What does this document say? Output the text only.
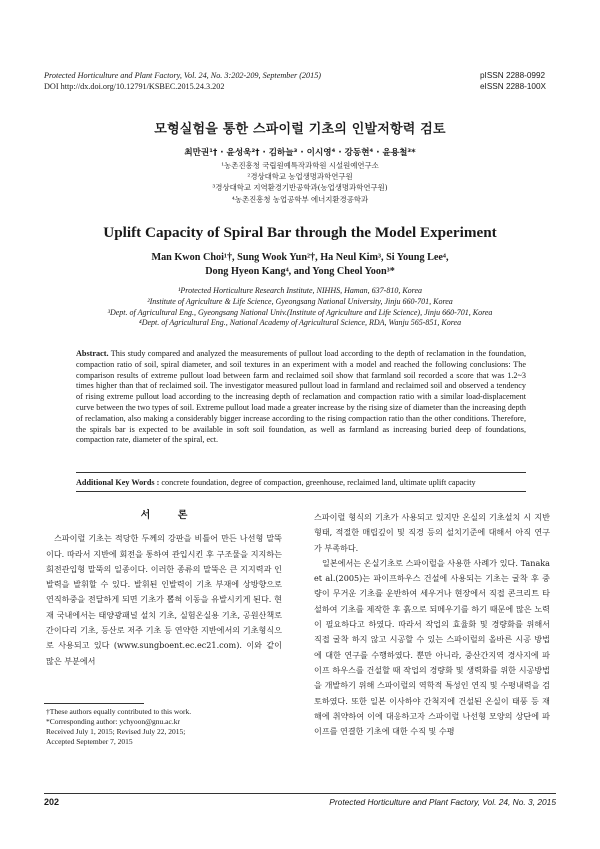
Protected Horticulture and Plant Factory, Vol. 24, No. 3:202-209, September (2015)
DOI http://dx.doi.org/10.12791/KSBEC.2015.24.3.202
pISSN 2288-0992
eISSN 2288-100X
모형실험을 통한 스파이럴 기초의 인발저항력 검토
최만권¹† · 윤성욱²† · 김하늘³ · 이시영⁴ · 강동현⁴ · 윤용철³*
¹농촌진흥청 국립원예특작과학원 시설원예연구소
²경상대학교 농업생명과학연구원
³경상대학교 지역환경기반공학과(농업생명과학연구원)
⁴농촌진흥청 농업공학부 에너지환경공학과
Uplift Capacity of Spiral Bar through the Model Experiment
Man Kwon Choi¹†, Sung Wook Yun²†, Ha Neul Kim³, Si Young Lee⁴,
Dong Hyeon Kang⁴, and Yong Cheol Yoon³*
¹Protected Horticulture Research Institute, NIHHS, Haman, 637-810, Korea
²Institute of Agriculture & Life Science, Gyeongsang National University, Jinju 660-701, Korea
³Dept. of Agricultural Eng., Gyeongsang National Univ.(Institute of Agriculture and Life Science), Jinju 660-701, Korea
⁴Dept. of Agricultural Eng., National Academy of Agricultural Science, RDA, Wanju 565-851, Korea

Abstract. This study compared and analyzed the measurements of pullout load according to the depth of reclamation in the foundation, compaction ratio of soil, spiral diameter, and soil textures in an experiment with a model and reached the following conclusions: The comparison results of extreme pullout load between farm and reclaimed soil show that farmland soil recorded a score that was 1.2~3 times higher than that of reclaimed soil. The investigator measured pullout load in farmland and reclaimed soil and observed a tendency of rising extreme pullout load according to the increasing depth of reclamation and compaction ratio with a similar load-displacement curve between the two types of soil. Extreme pullout load made a greater increase by the rising size of diameter than the increasing depth of reclamation, also making a considerably bigger increase according to the rising compaction ratio than the other conditions. Therefore, the spirals bar is expected to be available in soft soil foundation, as well as farmland as increasing buried deep of foundations, compaction rate, diameter of the spiral, ect.

Additional Key Words : concrete foundation, degree of compaction, greenhouse, reclaimed land, ultimate uplift capacity

서 론

스파이럴 기초는 적당한 두께의 강판을 비틀어 만든 나선형 말뚝이다. 따라서 지반에 회전을 통하여 관입시킨 후 구조물을 지지하는 회전관입형 말뚝의 일종이다. 이러한 종류의 말뚝은 큰 지지력과 인발력을 발휘할 수 있다. 발휘된 인발력이 기초 부재에 상방향으로 연직하중을 전달하게 되면 기초가 뽑혀 이동을 유발시키게 된다. 현재 국내에서는 태양광패널 설치 기초, 실험온실용 기초, 공원산책로 간이다리 기초, 등산로 저주 기초 등 연약한 지반에서의 기초형식으로 사용되고 있다 (www.sungboent.ec.ec21.com). 이와 같이 많은 부분에서

스파이럴 형식의 기초가 사용되고 있지만 온실의 기초설치 시 지반형태, 적절한 매립깊이 및 직경 등의 설치기준에 대해서 아직 연구가 부족하다.

일본에서는 온실기초로 스파이럴을 사용한 사례가 있다. Tanaka et al.(2005)는 파이프하우스 건설에 사용되는 기초는 굴착 후 중량이 무거운 기초를 운반하여 세우거나 현장에서 직접 콘크리트 타설하여 기초를 제작한 후 흙으로 되메우기를 하기 때문에 많은 노력이 필요하다고 하였다. 따라서 작업의 효율화 및 경량화를 위해서 직접 굴착 하지 않고 시공할 수 있는 스파이럴의 올바른 시공 방법에 대한 연구를 수행하였다. 뿐만 아니라, 중산간지역 경사지에 파이프 하우스를 건설할 때 작업의 경량화 및 생력화를 위한 시공방법을 개발하기 위해 스파이럴의 역학적 특성인 연직 및 수평내력을 검토하였다. 또한 일본 이사하야 간척지에 건설된 온실이 태풍 등 재해에 취약하여 이에 대응하고자 스파이럴 나선형 모양의 상단에 파이프를 연결한 기초에 대한 수직 및 수평

†These authors equally contributed to this work.
*Corresponding author: ychyoon@gnu.ac.kr
Received July 1, 2015; Revised July 22, 2015;
Accepted September 7, 2015
202	Protected Horticulture and Plant Factory, Vol. 24, No. 3, 2015
